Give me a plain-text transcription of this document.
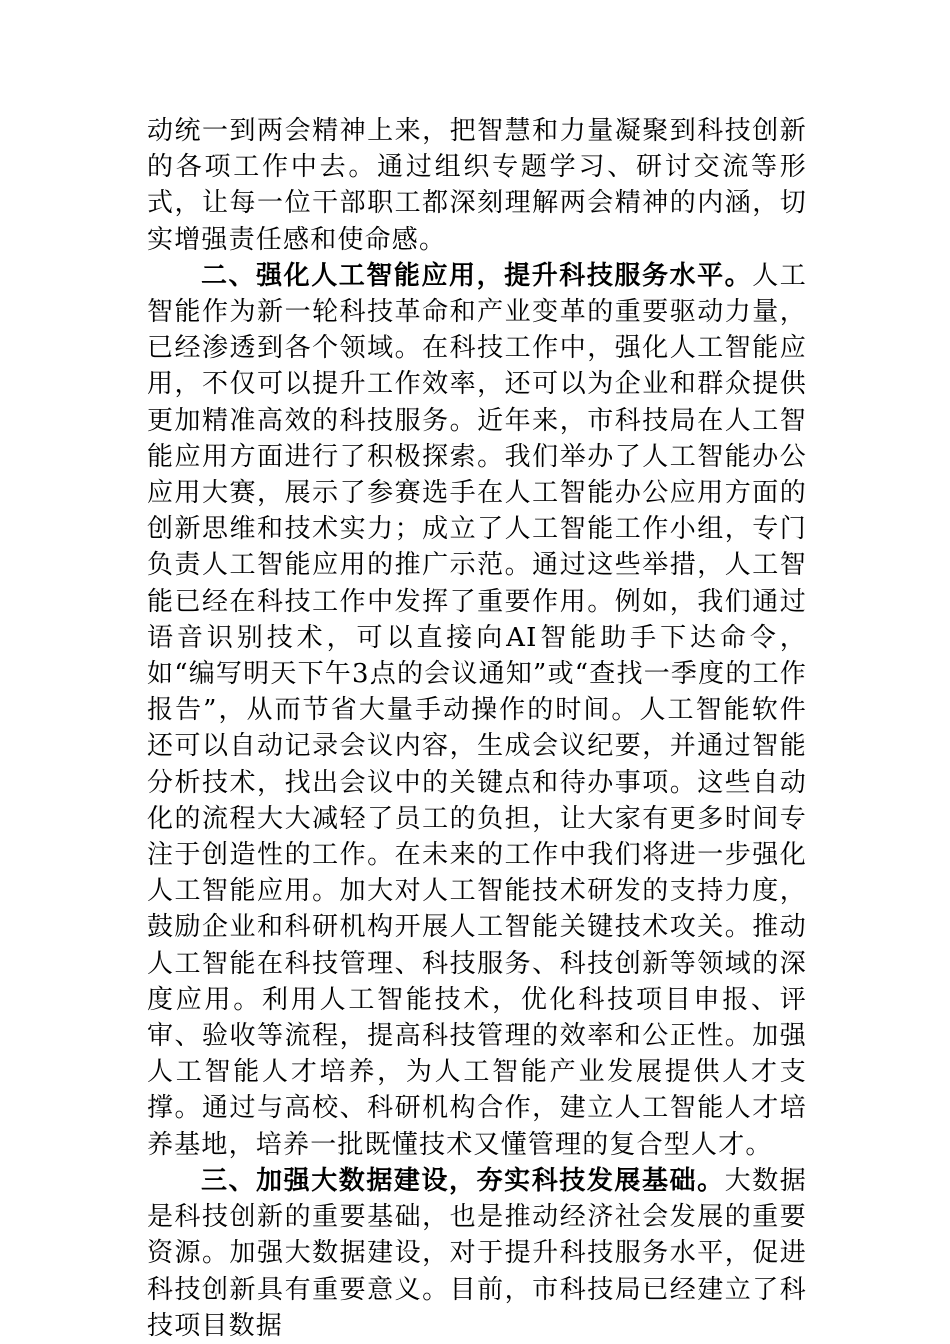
动统一到两会精神上来，把智慧和力量凝聚到科技创新的各项工作中去。通过组织专题学习、研讨交流等形式，让每一位干部职工都深刻理解两会精神的内涵，切实增强责任感和使命感。

二、强化人工智能应用，提升科技服务水平。人工智能作为新一轮科技革命和产业变革的重要驱动力量，已经渗透到各个领域。在科技工作中，强化人工智能应用，不仅可以提升工作效率，还可以为企业和群众提供更加精准高效的科技服务。近年来，市科技局在人工智能应用方面进行了积极探索。我们举办了人工智能办公应用大赛，展示了参赛选手在人工智能办公应用方面的创新思维和技术实力；成立了人工智能工作小组，专门负责人工智能应用的推广示范。通过这些举措，人工智能已经在科技工作中发挥了重要作用。例如，我们通过语音识别技术，可以直接向AI智能助手下达命令，如“编写明天下午3点的会议通知”或“查找一季度的工作报告”，从而节省大量手动操作的时间。人工智能软件还可以自动记录会议内容，生成会议纪要，并通过智能分析技术，找出会议中的关键点和待办事项。这些自动化的流程大大减轻了员工的负担，让大家有更多时间专注于创造性的工作。在未来的工作中我们将进一步强化人工智能应用。加大对人工智能技术研发的支持力度，鼓励企业和科研机构开展人工智能关键技术攻关。推动人工智能在科技管理、科技服务、科技创新等领域的深度应用。利用人工智能技术，优化科技项目申报、评审、验收等流程，提高科技管理的效率和公正性。加强人工智能人才培养，为人工智能产业发展提供人才支撑。通过与高校、科研机构合作，建立人工智能人才培养基地，培养一批既懂技术又懂管理的复合型人才。

三、加强大数据建设，夯实科技发展基础。大数据是科技创新的重要基础，也是推动经济社会发展的重要资源。加强大数据建设，对于提升科技服务水平，促进科技创新具有重要意义。目前，市科技局已经建立了科技项目数据
